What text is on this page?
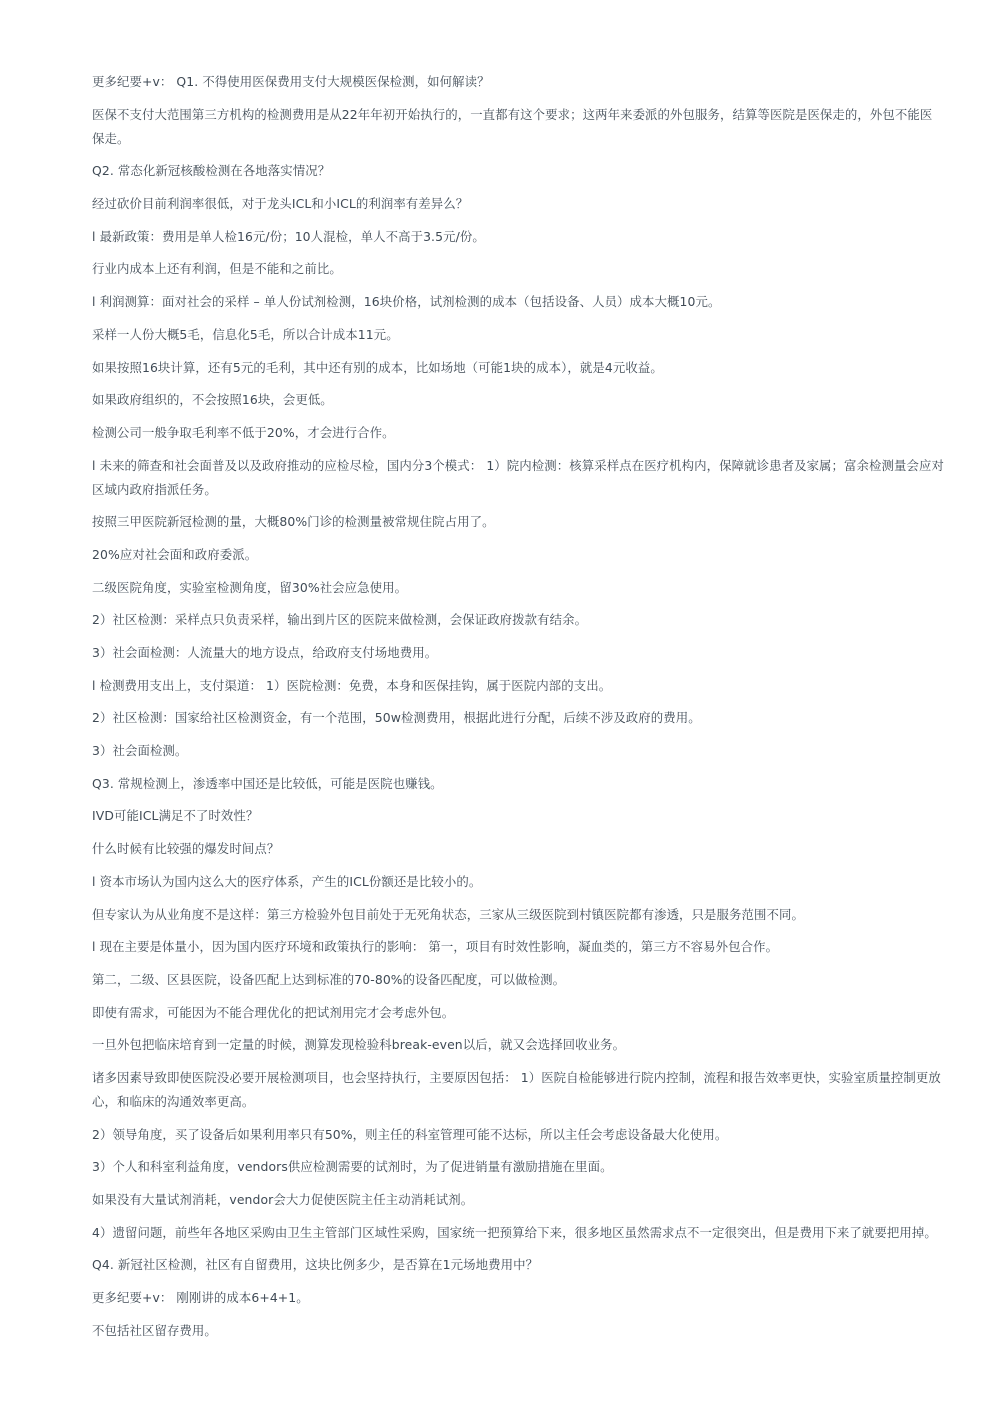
更多纪要+v： Q1. 不得使用医保费用支付大规模医保检测，如何解读？

医保不支付大范围第三方机构的检测费用是从22年年初开始执行的，一直都有这个要求；这两年来委派的外包服务，结算等医院是医保走的，外包不能医保走。

Q2. 常态化新冠核酸检测在各地落实情况？

经过砍价目前利润率很低，对于龙头ICL和小ICL的利润率有差异么？

l 最新政策：费用是单人检16元/份；10人混检，单人不高于3.5元/份。

行业内成本上还有利润，但是不能和之前比。

l 利润测算：面对社会的采样 – 单人份试剂检测，16块价格，试剂检测的成本（包括设备、人员）成本大概10元。

采样一人份大概5毛，信息化5毛，所以合计成本11元。

如果按照16块计算，还有5元的毛利，其中还有别的成本，比如场地（可能1块的成本），就是4元收益。

如果政府组织的，不会按照16块，会更低。

检测公司一般争取毛利率不低于20%，才会进行合作。

l 未来的筛查和社会面普及以及政府推动的应检尽检，国内分3个模式： 1）院内检测：核算采样点在医疗机构内，保障就诊患者及家属；富余检测量会应对区域内政府指派任务。

按照三甲医院新冠检测的量，大概80%门诊的检测量被常规住院占用了。

20%应对社会面和政府委派。

二级医院角度，实验室检测角度，留30%社会应急使用。

2）社区检测：采样点只负责采样，输出到片区的医院来做检测，会保证政府拨款有结余。

3）社会面检测：人流量大的地方设点，给政府支付场地费用。

l 检测费用支出上，支付渠道： 1）医院检测：免费，本身和医保挂钩，属于医院内部的支出。

2）社区检测：国家给社区检测资金，有一个范围，50w检测费用，根据此进行分配，后续不涉及政府的费用。

3）社会面检测。

Q3. 常规检测上，渗透率中国还是比较低，可能是医院也赚钱。

IVD可能ICL满足不了时效性？

什么时候有比较强的爆发时间点？

l 资本市场认为国内这么大的医疗体系，产生的ICL份额还是比较小的。

但专家认为从业角度不是这样：第三方检验外包目前处于无死角状态，三家从三级医院到村镇医院都有渗透，只是服务范围不同。

l 现在主要是体量小，因为国内医疗环境和政策执行的影响： 第一，项目有时效性影响，凝血类的，第三方不容易外包合作。

第二，二级、区县医院，设备匹配上达到标准的70-80%的设备匹配度，可以做检测。

即使有需求，可能因为不能合理优化的把试剂用完才会考虑外包。

一旦外包把临床培育到一定量的时候，测算发现检验科break-even以后，就又会选择回收业务。

诸多因素导致即使医院没必要开展检测项目，也会坚持执行，主要原因包括： 1）医院自检能够进行院内控制，流程和报告效率更快，实验室质量控制更放心，和临床的沟通效率更高。

2）领导角度，买了设备后如果利用率只有50%，则主任的科室管理可能不达标，所以主任会考虑设备最大化使用。

3）个人和科室利益角度，vendors供应检测需要的试剂时，为了促进销量有激励措施在里面。

如果没有大量试剂消耗，vendor会大力促使医院主任主动消耗试剂。

4）遗留问题，前些年各地区采购由卫生主管部门区域性采购，国家统一把预算给下来，很多地区虽然需求点不一定很突出，但是费用下来了就要把用掉。

Q4. 新冠社区检测，社区有自留费用，这块比例多少，是否算在1元场地费用中？

更多纪要+v： 刚刚讲的成本6+4+1。

不包括社区留存费用。
